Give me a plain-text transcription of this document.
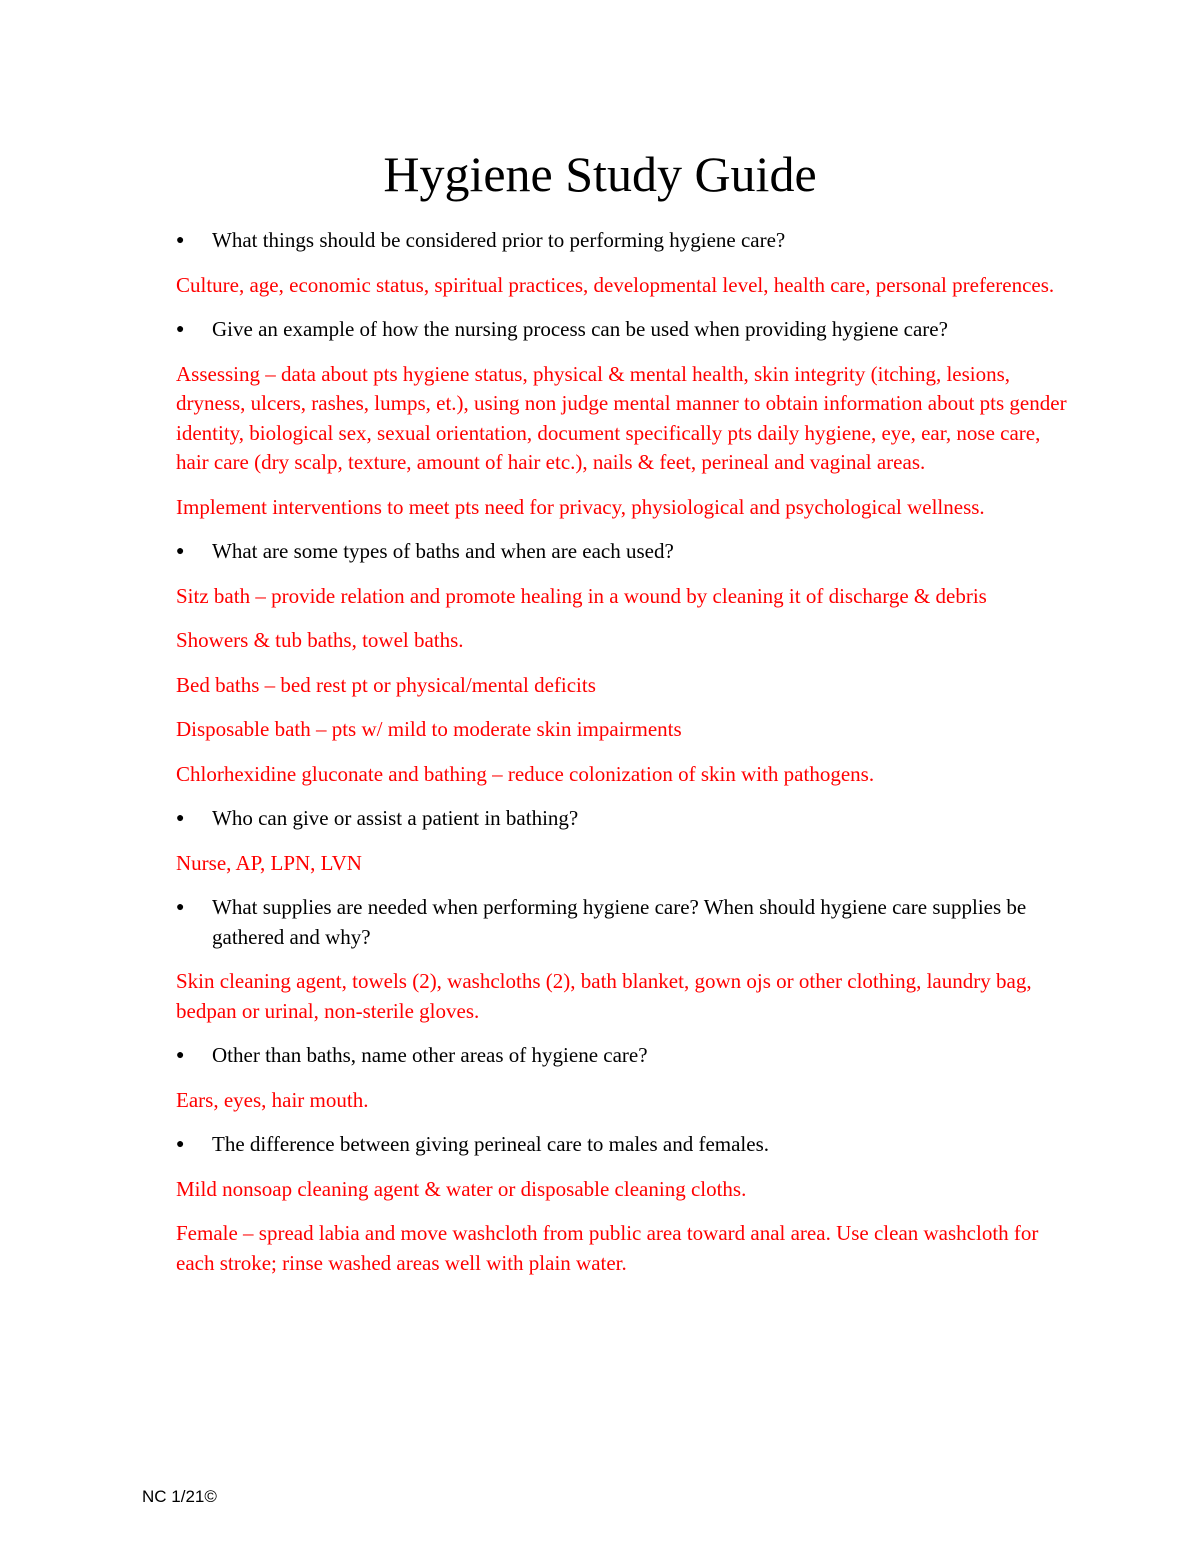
Hygiene Study Guide

● What things should be considered prior to performing hygiene care?

Culture, age, economic status, spiritual practices, developmental level, health care, personal preferences.

● Give an example of how the nursing process can be used when providing hygiene care?

Assessing – data about pts hygiene status, physical & mental health, skin integrity (itching, lesions, dryness, ulcers, rashes, lumps, et.), using non judge mental manner to obtain information about pts gender identity, biological sex, sexual orientation, document specifically pts daily hygiene, eye, ear, nose care, hair care (dry scalp, texture, amount of hair etc.), nails & feet, perineal and vaginal areas.

Implement interventions to meet pts need for privacy, physiological and psychological wellness.

● What are some types of baths and when are each used?

Sitz bath – provide relation and promote healing in a wound by cleaning it of discharge & debris

Showers & tub baths, towel baths.

Bed baths – bed rest pt or physical/mental deficits

Disposable bath – pts w/ mild to moderate skin impairments

Chlorhexidine gluconate and bathing – reduce colonization of skin with pathogens.

● Who can give or assist a patient in bathing?

Nurse, AP, LPN, LVN

● What supplies are needed when performing hygiene care? When should hygiene care supplies be gathered and why?

Skin cleaning agent, towels (2), washcloths (2), bath blanket, gown ojs or other clothing, laundry bag, bedpan or urinal, non-sterile gloves.

● Other than baths, name other areas of hygiene care?

Ears, eyes, hair mouth.

● The difference between giving perineal care to males and females.

Mild nonsoap cleaning agent & water or disposable cleaning cloths.

Female – spread labia and move washcloth from public area toward anal area. Use clean washcloth for each stroke; rinse washed areas well with plain water.

NC 1/21©
